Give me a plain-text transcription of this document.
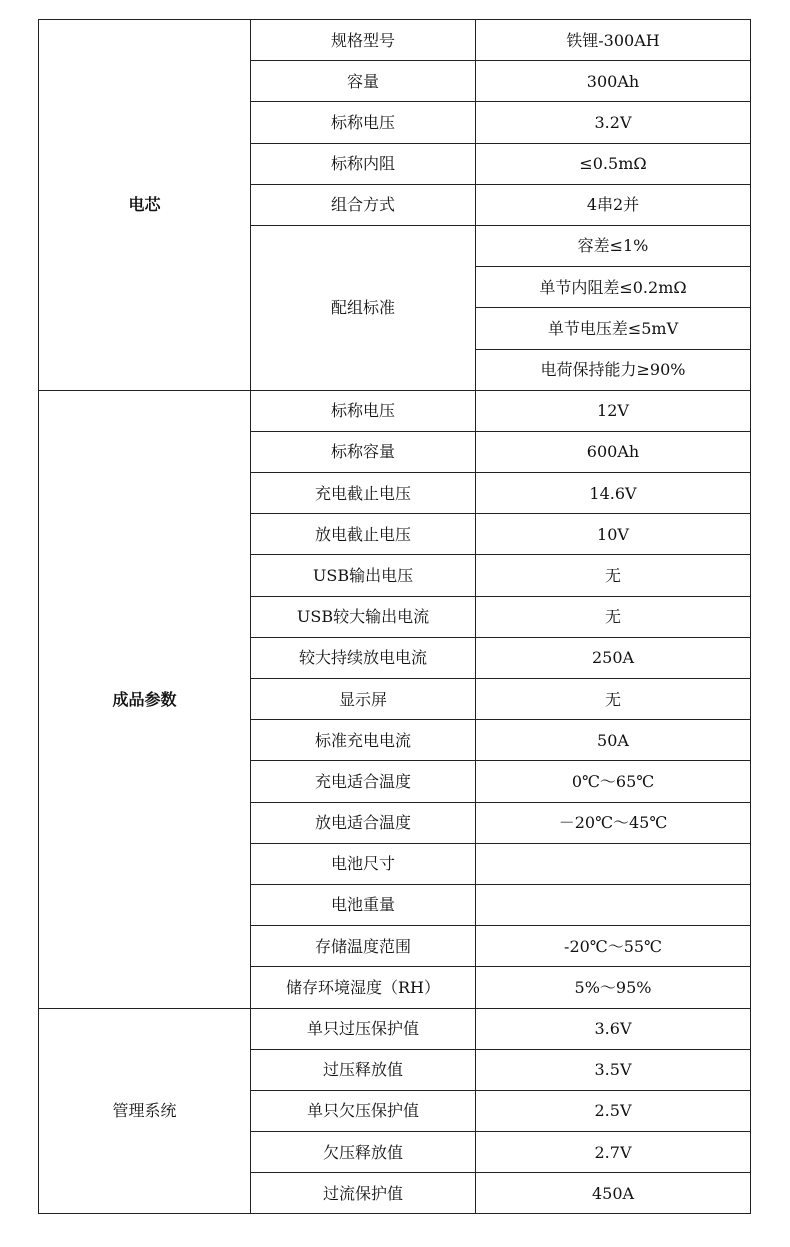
电芯	规格型号	铁锂-300AH
	容量	300Ah
	标称电压	3.2V
	标称内阻	≤0.5mΩ
	组合方式	4串2并
	配组标准	容差≤1%
		单节内阻差≤0.2mΩ
		单节电压差≤5mV
		电荷保持能力≥90%
成品参数	标称电压	12V
	标称容量	600Ah
	充电截止电压	14.6V
	放电截止电压	10V
	USB输出电压	无
	USB较大输出电流	无
	较大持续放电电流	250A
	显示屏	无
	标准充电电流	50A
	充电适合温度	0℃～65℃
	放电适合温度	－20℃～45℃
	电池尺寸	
	电池重量	
	存储温度范围	-20℃～55℃
	储存环境湿度（RH）	5%～95%
管理系统	单只过压保护值	3.6V
	过压释放值	3.5V
	单只欠压保护值	2.5V
	欠压释放值	2.7V
	过流保护值	450A
